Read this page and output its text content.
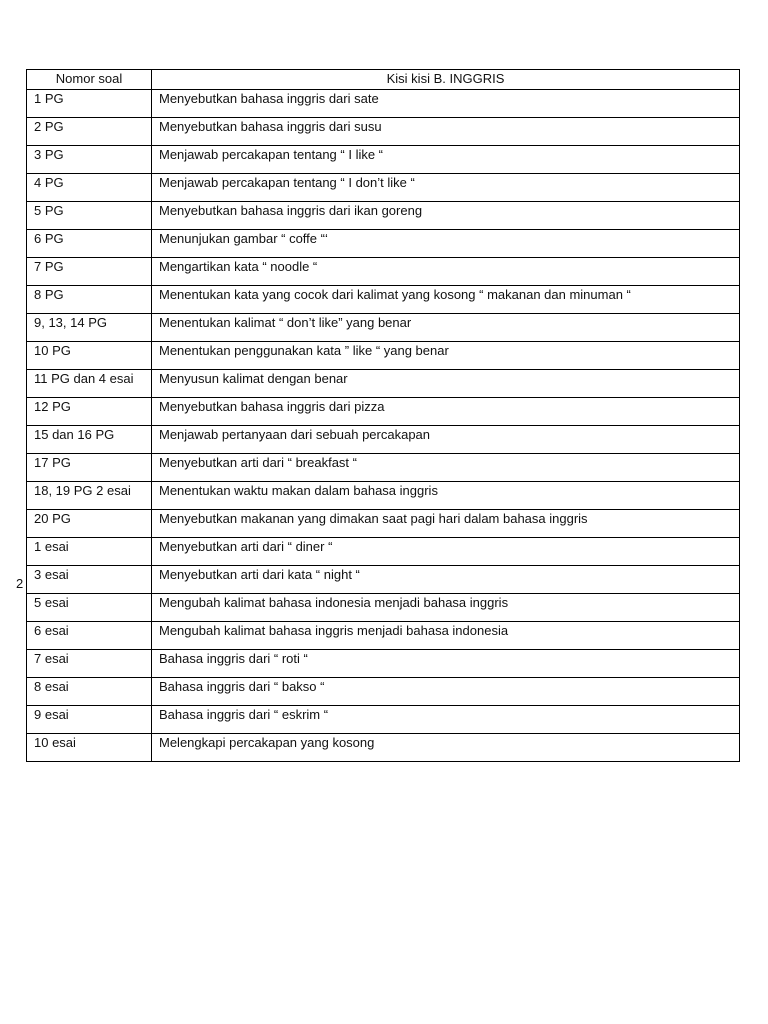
2
Nomor soal	Kisi kisi B. INGGRIS
1 PG	Menyebutkan bahasa inggris dari sate
2 PG	Menyebutkan bahasa inggris dari susu
3 PG	Menjawab percakapan tentang “ I like “
4 PG	Menjawab percakapan tentang “ I don’t like “
5 PG	Menyebutkan bahasa inggris dari ikan goreng
6 PG	Menunjukan gambar “ coffe “‘
7 PG	Mengartikan kata “ noodle “
8 PG	Menentukan kata yang cocok dari kalimat yang kosong “ makanan dan minuman “
9, 13, 14 PG	Menentukan kalimat “ don’t like” yang benar
10 PG	Menentukan penggunakan kata ” like “ yang benar
11 PG dan 4 esai	Menyusun kalimat dengan benar
12 PG	Menyebutkan bahasa inggris dari pizza
15 dan 16 PG	Menjawab pertanyaan dari sebuah percakapan
17 PG	Menyebutkan arti dari “ breakfast “
18, 19 PG 2 esai	Menentukan waktu makan dalam bahasa inggris
20 PG	Menyebutkan makanan yang dimakan saat pagi hari dalam bahasa inggris
1 esai	Menyebutkan arti dari “ diner “
3 esai	Menyebutkan arti dari kata “ night “
5 esai	Mengubah kalimat bahasa indonesia menjadi bahasa inggris
6 esai	Mengubah kalimat bahasa inggris menjadi bahasa indonesia
7 esai	Bahasa inggris dari “ roti “
8 esai	Bahasa inggris dari “ bakso “
9 esai	Bahasa inggris dari “ eskrim “
10 esai	Melengkapi percakapan yang kosong
